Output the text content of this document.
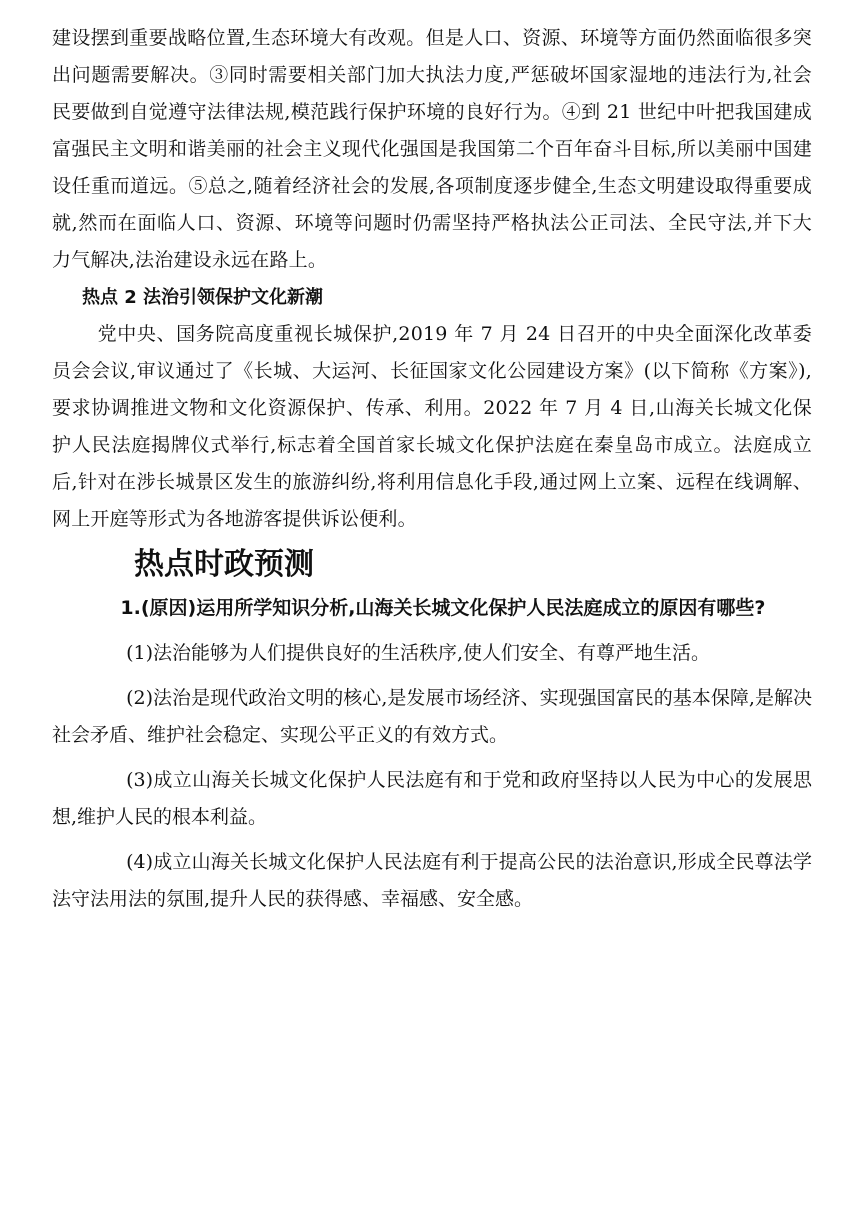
建设摆到重要战略位置,生态环境大有改观。但是人口、资源、环境等方面仍然面临很多突出问题需要解决。③同时需要相关部门加大执法力度,严惩破坏国家湿地的违法行为,社会民要做到自觉遵守法律法规,模范践行保护环境的良好行为。④到 21 世纪中叶把我国建成富强民主文明和谐美丽的社会主义现代化强国是我国第二个百年奋斗目标,所以美丽中国建设任重而道远。⑤总之,随着经济社会的发展,各项制度逐步健全,生态文明建设取得重要成就,然而在面临人口、资源、环境等问题时仍需坚持严格执法公正司法、全民守法,并下大力气解决,法治建设永远在路上。

热点 2 法治引领保护文化新潮

党中央、国务院高度重视长城保护,2019 年 7 月 24 日召开的中央全面深化改革委员会会议,审议通过了《长城、大运河、长征国家文化公园建设方案》(以下简称《方案》),要求协调推进文物和文化资源保护、传承、利用。2022 年 7 月 4 日,山海关长城文化保护人民法庭揭牌仪式举行,标志着全国首家长城文化保护法庭在秦皇岛市成立。法庭成立后,针对在涉长城景区发生的旅游纠纷,将利用信息化手段,通过网上立案、远程在线调解、网上开庭等形式为各地游客提供诉讼便利。

热点时政预测

1.(原因)运用所学知识分析,山海关长城文化保护人民法庭成立的原因有哪些?

(1)法治能够为人们提供良好的生活秩序,使人们安全、有尊严地生活。

(2)法治是现代政治文明的核心,是发展市场经济、实现强国富民的基本保障,是解决社会矛盾、维护社会稳定、实现公平正义的有效方式。

(3)成立山海关长城文化保护人民法庭有和于党和政府坚持以人民为中心的发展思想,维护人民的根本利益。

(4)成立山海关长城文化保护人民法庭有利于提高公民的法治意识,形成全民尊法学法守法用法的氛围,提升人民的获得感、幸福感、安全感。
